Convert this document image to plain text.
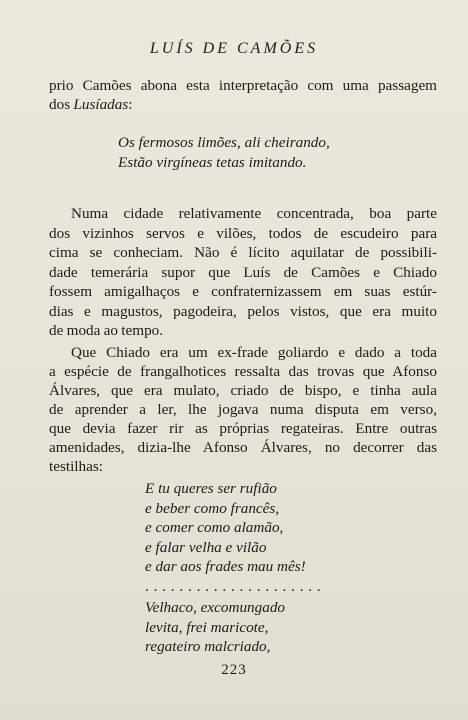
LUÍS DE CAMÕES
prio Camões abona esta interpretação com uma passagem
dos Lusíadas:
Os fermosos limões, ali cheirando,
Estão virgíneas tetas imitando.
Numa cidade relativamente concentrada, boa parte
dos vizinhos servos e vilões, todos de escudeiro para
cima se conheciam. Não é lícito aquilatar de possibili-
dade temerária supor que Luís de Camões e Chiado
fossem amigalhaços e confraternizassem em suas estúr-
dias e magustos, pagodeira, pelos vistos, que era muito
de moda ao tempo.
Que Chiado era um ex-frade goliardo e dado a toda
a espécie de frangalhotices ressalta das trovas que Afonso
Álvares, que era mulato, criado de bispo, e tinha aula
de aprender a ler, lhe jogava numa disputa em verso,
que devia fazer rir as próprias regateiras. Entre outras
amenidades, dizia-lhe Afonso Álvares, no decorrer das
testilhas:
E tu queres ser rufião
e beber como francês,
e comer como alamão,
e falar velha e vilão
e dar aos frades mau mês!
. . . . . . . . . . . . . . . . . . . . .
Velhaco, excomungado
levita, frei maricote,
regateiro malcriado,
223
